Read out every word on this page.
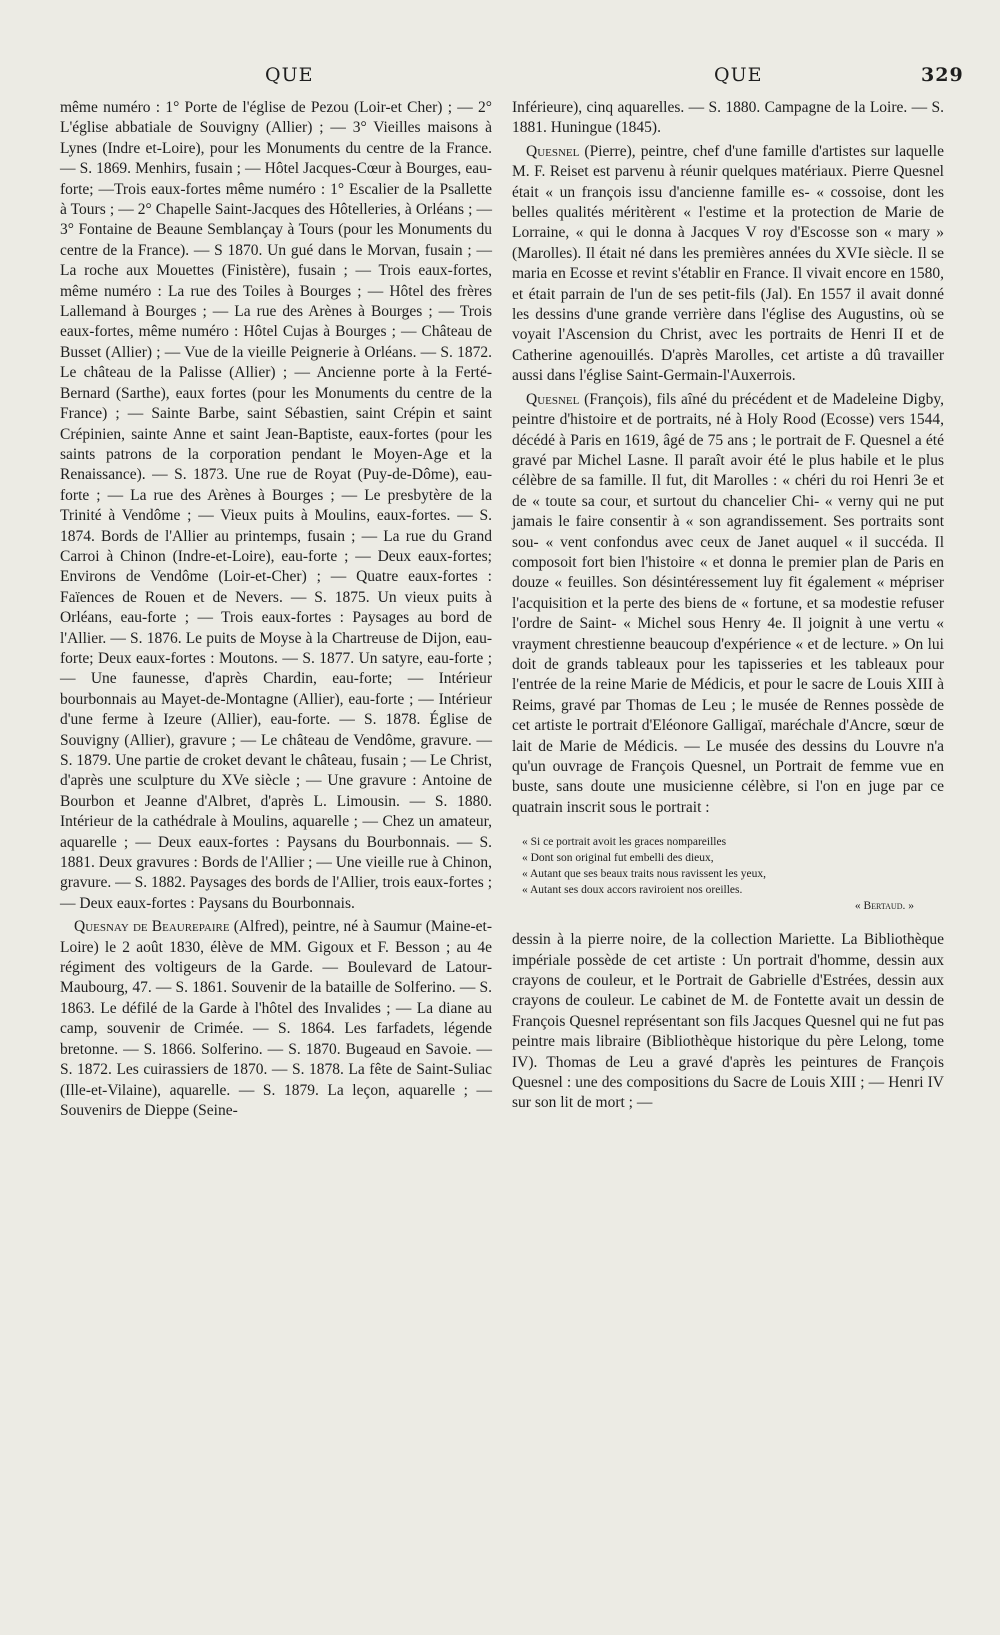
QUE	QUE	329

même numéro : 1° Porte de l'église de Pezou (Loir-et Cher) ; — 2° L'église abbatiale de Souvigny (Allier) ; — 3° Vieilles maisons à Lynes (Indre et-Loire), pour les Monuments du centre de la France. — S. 1869. Menhirs, fusain ; — Hôtel Jacques-Cœur à Bourges, eau-forte; —Trois eaux-fortes même numéro : 1° Escalier de la Psallette à Tours ; — 2° Chapelle Saint-Jacques des Hôtelleries, à Orléans ; — 3° Fontaine de Beaune Semblançay à Tours (pour les Monuments du centre de la France). — S 1870. Un gué dans le Morvan, fusain ; — La roche aux Mouettes (Finistère), fusain ; — Trois eaux-fortes, même numéro : La rue des Toiles à Bourges ; — Hôtel des frères Lallemand à Bourges ; — La rue des Arènes à Bourges ; — Trois eaux-fortes, même numéro : Hôtel Cujas à Bourges ; — Château de Busset (Allier) ; — Vue de la vieille Peignerie à Orléans. — S. 1872. Le château de la Palisse (Allier) ; — Ancienne porte à la Ferté-Bernard (Sarthe), eaux fortes (pour les Monuments du centre de la France) ; — Sainte Barbe, saint Sébastien, saint Crépin et saint Crépinien, sainte Anne et saint Jean-Baptiste, eaux-fortes (pour les saints patrons de la corporation pendant le Moyen-Age et la Renaissance). — S. 1873. Une rue de Royat (Puy-de-Dôme), eau-forte ; — La rue des Arènes à Bourges ; — Le presbytère de la Trinité à Vendôme ; — Vieux puits à Moulins, eaux-fortes. — S. 1874. Bords de l'Allier au printemps, fusain ; — La rue du Grand Carroi à Chinon (Indre-et-Loire), eau-forte ; — Deux eaux-fortes; Environs de Vendôme (Loir-et-Cher) ; — Quatre eaux-fortes : Faïences de Rouen et de Nevers. — S. 1875. Un vieux puits à Orléans, eau-forte ; — Trois eaux-fortes : Paysages au bord de l'Allier. — S. 1876. Le puits de Moyse à la Chartreuse de Dijon, eau-forte; Deux eaux-fortes : Moutons. — S. 1877. Un satyre, eau-forte ; — Une faunesse, d'après Chardin, eau-forte; — Intérieur bourbonnais au Mayet-de-Montagne (Allier), eau-forte ; — Intérieur d'une ferme à Izeure (Allier), eau-forte. — S. 1878. Église de Souvigny (Allier), gravure ; — Le château de Vendôme, gravure. — S. 1879. Une partie de croket devant le château, fusain ; — Le Christ, d'après une sculpture du XVe siècle ; — Une gravure : Antoine de Bourbon et Jeanne d'Albret, d'après L. Limousin. — S. 1880. Intérieur de la cathédrale à Moulins, aquarelle ; — Chez un amateur, aquarelle ; — Deux eaux-fortes : Paysans du Bourbonnais. — S. 1881. Deux gravures : Bords de l'Allier ; — Une vieille rue à Chinon, gravure. — S. 1882. Paysages des bords de l'Allier, trois eaux-fortes ; — Deux eaux-fortes : Paysans du Bourbonnais.

Quesnay de Beaurepaire (Alfred), peintre, né à Saumur (Maine-et-Loire) le 2 août 1830, élève de MM. Gigoux et F. Besson ; au 4e régiment des voltigeurs de la Garde. — Boulevard de Latour-Maubourg, 47. — S. 1861. Souvenir de la bataille de Solferino. — S. 1863. Le défilé de la Garde à l'hôtel des Invalides ; — La diane au camp, souvenir de Crimée. — S. 1864. Les farfadets, légende bretonne. — S. 1866. Solferino. — S. 1870. Bugeaud en Savoie. — S. 1872. Les cuirassiers de 1870. — S. 1878. La fête de Saint-Suliac (Ille-et-Vilaine), aquarelle. — S. 1879. La leçon, aquarelle ; — Souvenirs de Dieppe (Seine-

Inférieure), cinq aquarelles. — S. 1880. Campagne de la Loire. — S. 1881. Huningue (1845).

Quesnel (Pierre), peintre, chef d'une famille d'artistes sur laquelle M. F. Reiset est parvenu à réunir quelques matériaux. Pierre Quesnel était « un françois issu d'ancienne famille es- « cossoise, dont les belles qualités méritèrent « l'estime et la protection de Marie de Lorraine, « qui le donna à Jacques V roy d'Escosse son « mary » (Marolles). Il était né dans les premières années du XVIe siècle. Il se maria en Ecosse et revint s'établir en France. Il vivait encore en 1580, et était parrain de l'un de ses petit-fils (Jal). En 1557 il avait donné les dessins d'une grande verrière dans l'église des Augustins, où se voyait l'Ascension du Christ, avec les portraits de Henri II et de Catherine agenouillés. D'après Marolles, cet artiste a dû travailler aussi dans l'église Saint-Germain-l'Auxerrois.

Quesnel (François), fils aîné du précédent et de Madeleine Digby, peintre d'histoire et de portraits, né à Holy Rood (Ecosse) vers 1544, décédé à Paris en 1619, âgé de 75 ans ; le portrait de F. Quesnel a été gravé par Michel Lasne. Il paraît avoir été le plus habile et le plus célèbre de sa famille. Il fut, dit Marolles : « chéri du roi Henri 3e et de « toute sa cour, et surtout du chancelier Chi- « verny qui ne put jamais le faire consentir à « son agrandissement. Ses portraits sont sou- « vent confondus avec ceux de Janet auquel « il succéda. Il composoit fort bien l'histoire « et donna le premier plan de Paris en douze « feuilles. Son désintéressement luy fit également « mépriser l'acquisition et la perte des biens de « fortune, et sa modestie refuser l'ordre de Saint- « Michel sous Henry 4e. Il joignit à une vertu « vrayment chrestienne beaucoup d'expérience « et de lecture. » On lui doit de grands tableaux pour les tapisseries et les tableaux pour l'entrée de la reine Marie de Médicis, et pour le sacre de Louis XIII à Reims, gravé par Thomas de Leu ; le musée de Rennes possède de cet artiste le portrait d'Eléonore Galligaï, maréchale d'Ancre, sœur de lait de Marie de Médicis. — Le musée des dessins du Louvre n'a qu'un ouvrage de François Quesnel, un Portrait de femme vue en buste, sans doute une musicienne célèbre, si l'on en juge par ce quatrain inscrit sous le portrait :

« Si ce portrait avoit les graces nompareilles
« Dont son original fut embelli des dieux,
« Autant que ses beaux traits nous ravissent les yeux,
« Autant ses doux accors raviroient nos oreilles.
« Bertaud. »

dessin à la pierre noire, de la collection Mariette. La Bibliothèque impériale possède de cet artiste : Un portrait d'homme, dessin aux crayons de couleur, et le Portrait de Gabrielle d'Estrées, dessin aux crayons de couleur. Le cabinet de M. de Fontette avait un dessin de François Quesnel représentant son fils Jacques Quesnel qui ne fut pas peintre mais libraire (Bibliothèque historique du père Lelong, tome IV). Thomas de Leu a gravé d'après les peintures de François Quesnel : une des compositions du Sacre de Louis XIII ; — Henri IV sur son lit de mort ; —
